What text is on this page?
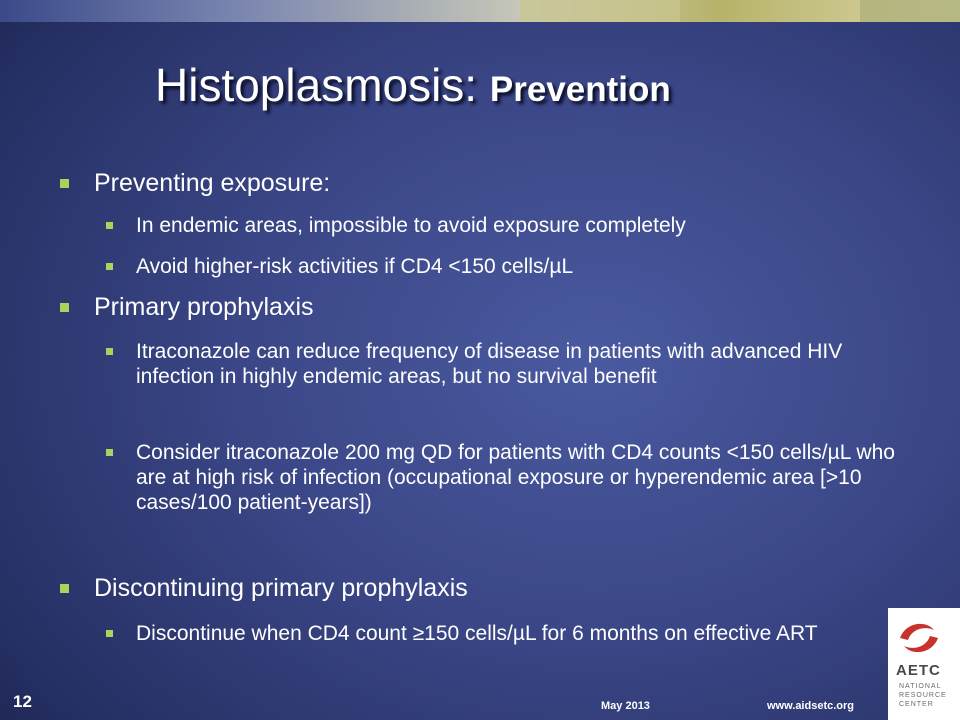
Histoplasmosis: Prevention
Preventing exposure:
In endemic areas, impossible to avoid exposure completely
Avoid higher-risk activities if CD4 <150 cells/µL
Primary prophylaxis
Itraconazole can reduce frequency of disease in patients with advanced HIV infection in highly endemic areas, but no survival benefit
Consider itraconazole 200 mg QD for patients with CD4 counts <150 cells/µL who are at high risk of infection (occupational exposure or hyperendemic area [>10 cases/100 patient-years])
Discontinuing primary prophylaxis
Discontinue when CD4 count ≥150 cells/µL for 6 months on effective ART
12	May 2013	www.aidsetc.org
AETC
NATIONAL
RESOURCE
CENTER
